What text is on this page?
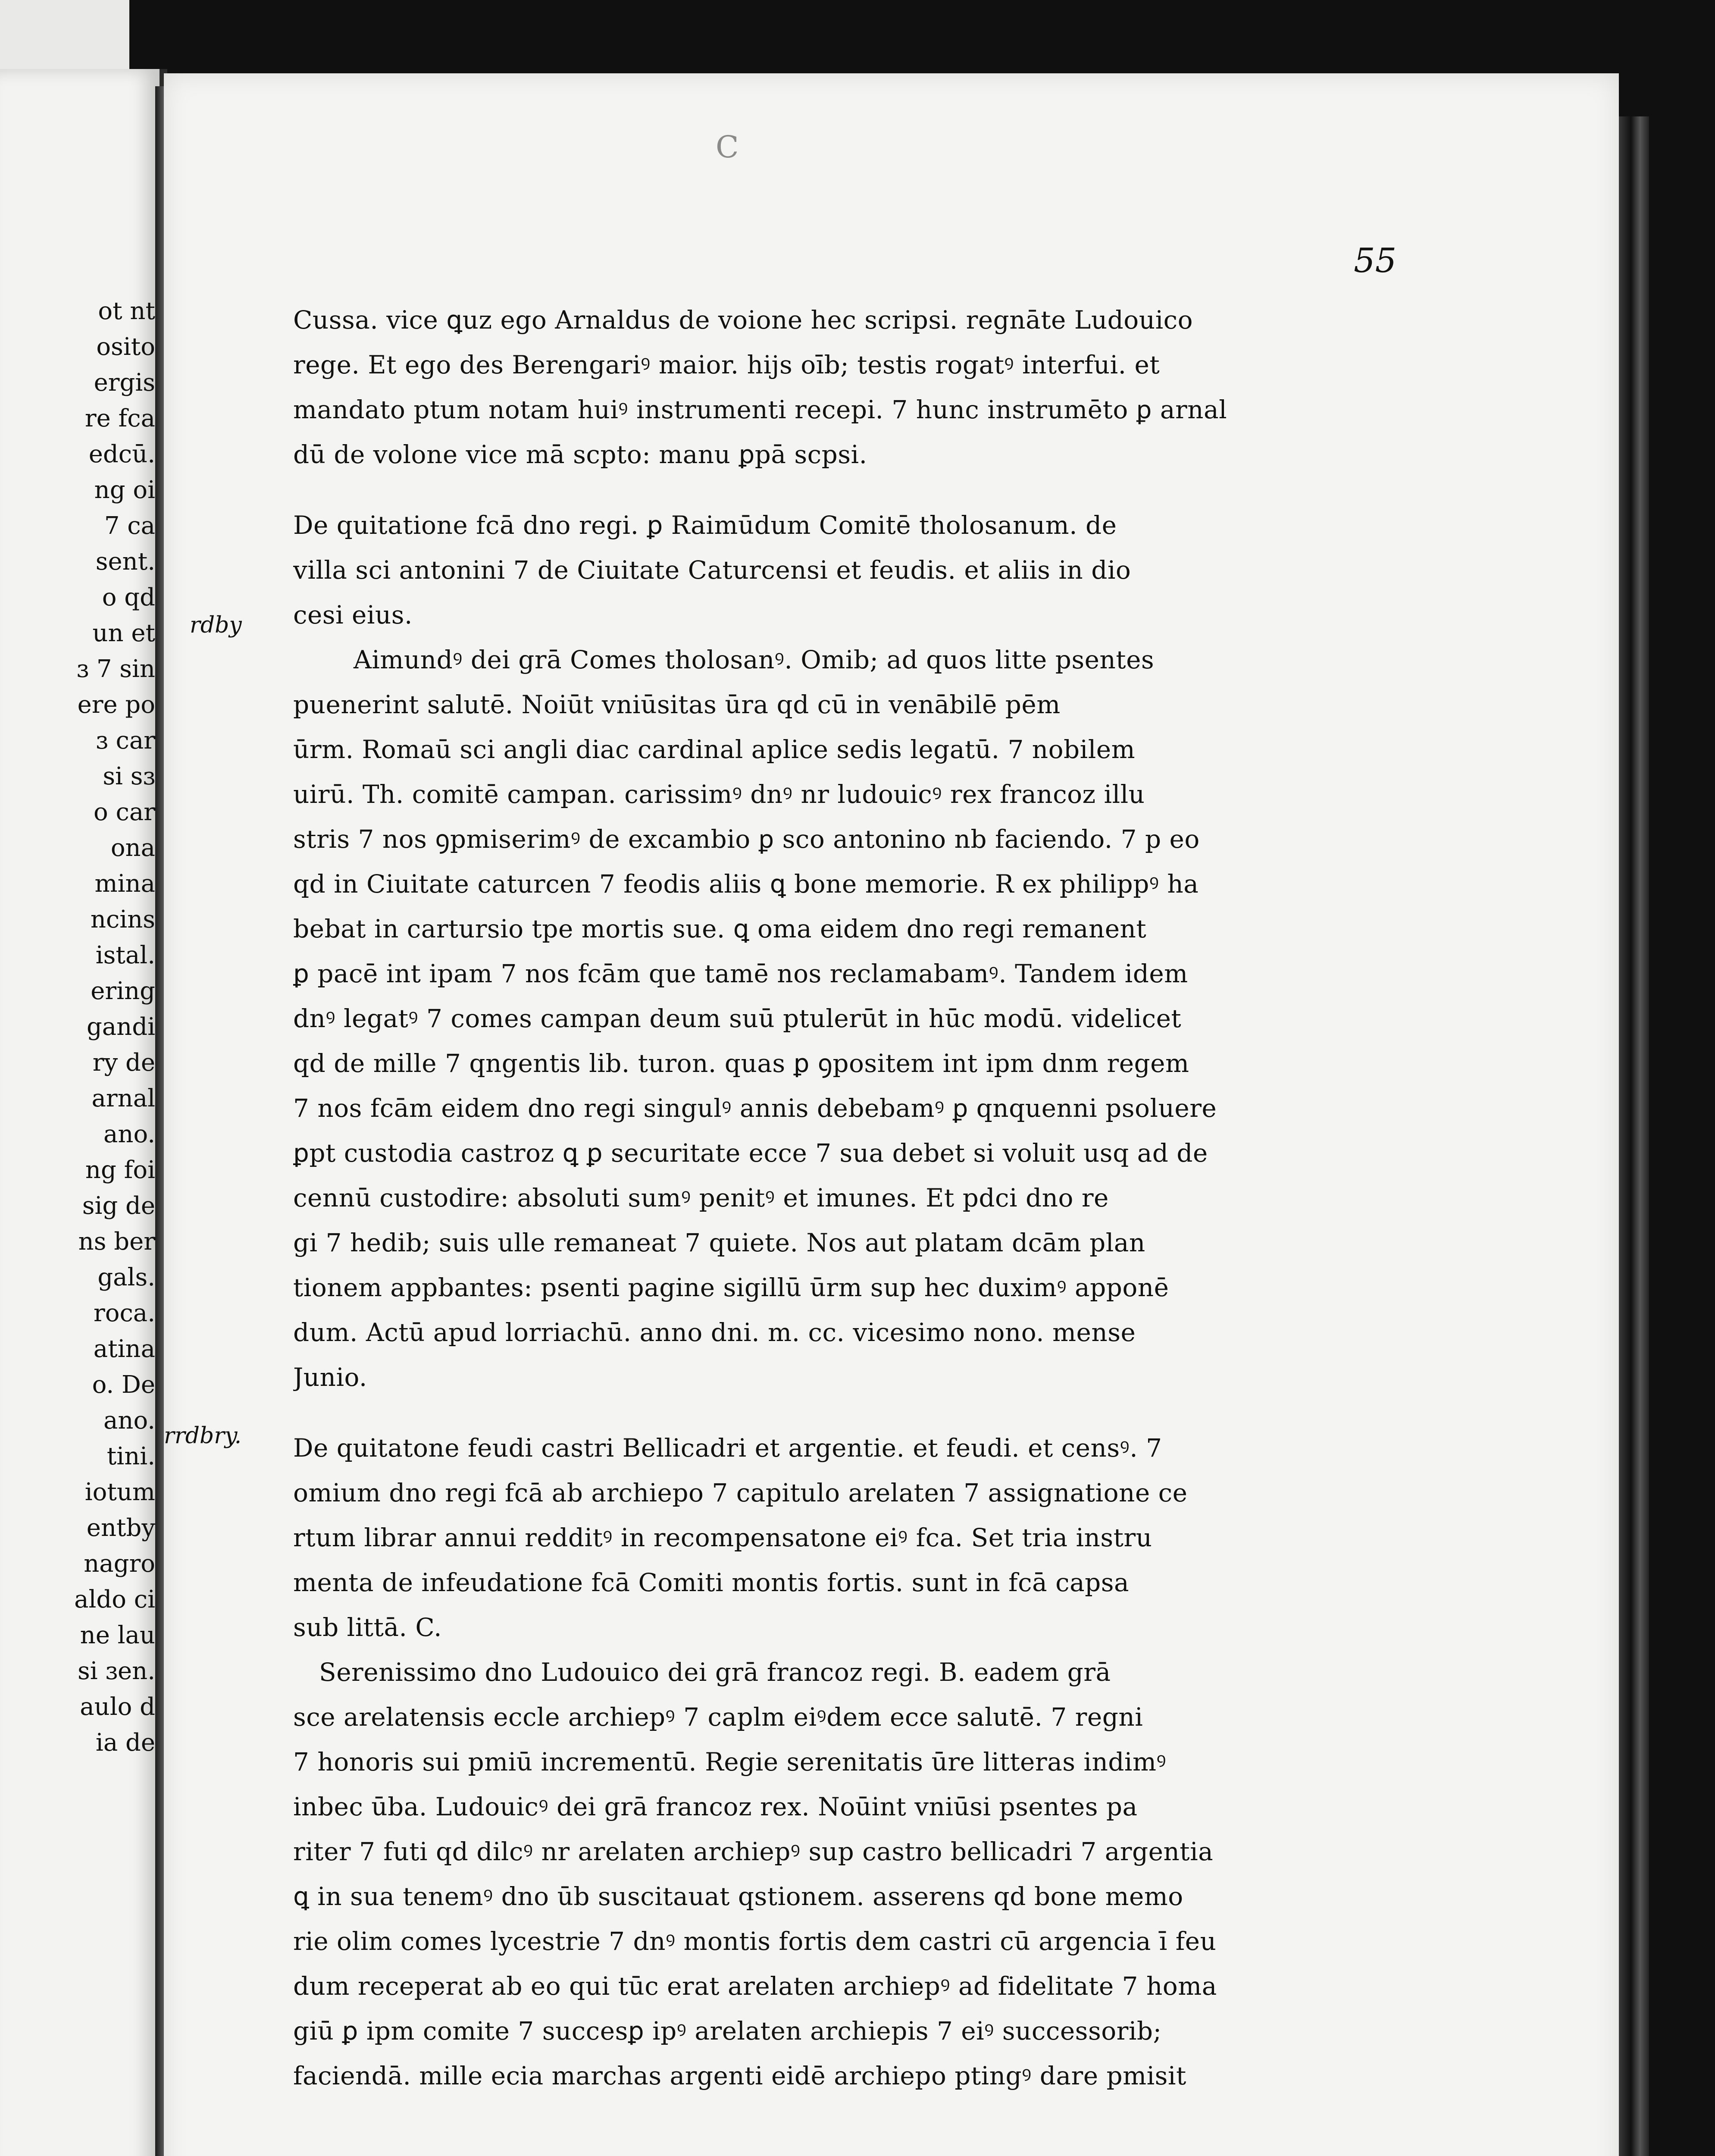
ot nt
osito
ergis
re fca
edcū.
ng oi
7 ca
sent.
o qd
un et
ɜ 7 sin
ere po
ɜ car
si sɜ
o car
ona
mina
ncins
istal.
ering
gandi
ry de
arnal
ano.
ng foi
sig de
ns ber
gals.
roca.
atina
o. De
ano.
tini.
iotum
entby
nagro
aldo ci
ne lau
si ɜen.
aulo d
ia de
C
55
rdby
rrdbry.
Cussa. vice ꝗuz ego Arnaldus de voione hec scripsi. regnāte Ludouico
rege. Et ego des Berengariꝰ maior. hijs oīb; testis rogatꝰ interfui. et
mandato ptum notam huiꝰ instrumenti recepi. 7 hunc instrumēto ꝑ arnal
dū de volone vice mā scpto: manu ꝑpā scpsi.
De quitatione fcā dno regi. ꝑ Raimūdum Comitē tholosanum. de
villa sci antonini 7 de Ciuitate Caturcensi et feudis. et aliis in dio
cesi eius.
Aimundꝰ dei grā Comes tholosanꝰ. Omib; ad quos litte psentes
puenerint salutē. Noiūt vniūsitas ūra qd cū in venābilē pēm
ūrm. Romaū sci angli diac cardinal aplice sedis legatū. 7 nobilem
uirū. Th. comitē campan. carissimꝰ dnꝰ nr ludouicꝰ rex francoz illu
stris 7 nos ꝯpmiserimꝰ de excambio ꝑ sco antonino nb faciendo. 7 p eo
qd in Ciuitate caturcen 7 feodis aliis ꝗ bone memorie. R ex philippꝰ ha
bebat in cartursio tpe mortis sue. ꝗ oma eidem dno regi remanent
ꝑ pacē int ipam 7 nos fcām que tamē nos reclamabamꝰ. Tandem idem
dnꝰ legatꝰ 7 comes campan deum suū ptulerūt in hūc modū. videlicet
qd de mille 7 qngentis lib. turon. quas ꝑ ꝯpositem int ipm dnm regem
7 nos fcām eidem dno regi singulꝰ annis debebamꝰ ꝑ qnquenni psoluere
ꝑpt custodia castroz ꝗ ꝑ securitate ecce 7 sua debet si voluit usq ad de
cennū custodire: absoluti sumꝰ penitꝰ et imunes. Et pdci dno re
gi 7 hedib; suis ulle remaneat 7 quiete. Nos aut platam dcām plan
tionem appbantes: psenti pagine sigillū ūrm sup hec duximꝰ apponē
dum. Actū apud lorriachū. anno dni. m. cc. vicesimo nono. mense
Junio.
De quitatone feudi castri Bellicadri et argentie. et feudi. et censꝰ. 7
omium dno regi fcā ab archiepo 7 capitulo arelaten 7 assignatione ce
rtum librar annui redditꝰ in recompensatone eiꝰ fca. Set tria instru
menta de infeudatione fcā Comiti montis fortis. sunt in fcā capsa
sub littā. C.
Serenissimo dno Ludouico dei grā francoz regi. B. eadem grā
sce arelatensis eccle archiepꝰ 7 caplm eiꝰdem ecce salutē. 7 regni
7 honoris sui pmiū incrementū. Regie serenitatis ūre litteras indimꝰ
inbec ūba. Ludouicꝰ dei grā francoz rex. Noūint vniūsi psentes pa
riter 7 futi qd dilcꝰ nr arelaten archiepꝰ sup castro bellicadri 7 argentia
ꝗ in sua tenemꝰ dno ūb suscitauat qstionem. asserens qd bone memo
rie olim comes lycestrie 7 dnꝰ montis fortis dem castri cū argencia ī feu
dum receperat ab eo qui tūc erat arelaten archiepꝰ ad fidelitate 7 homa
giū ꝑ ipm comite 7 succesꝑ ipꝰ arelaten archiepis 7 eiꝰ successorib;
faciendā. mille ecia marchas argenti eidē archiepo ptingꝰ dare pmisit
